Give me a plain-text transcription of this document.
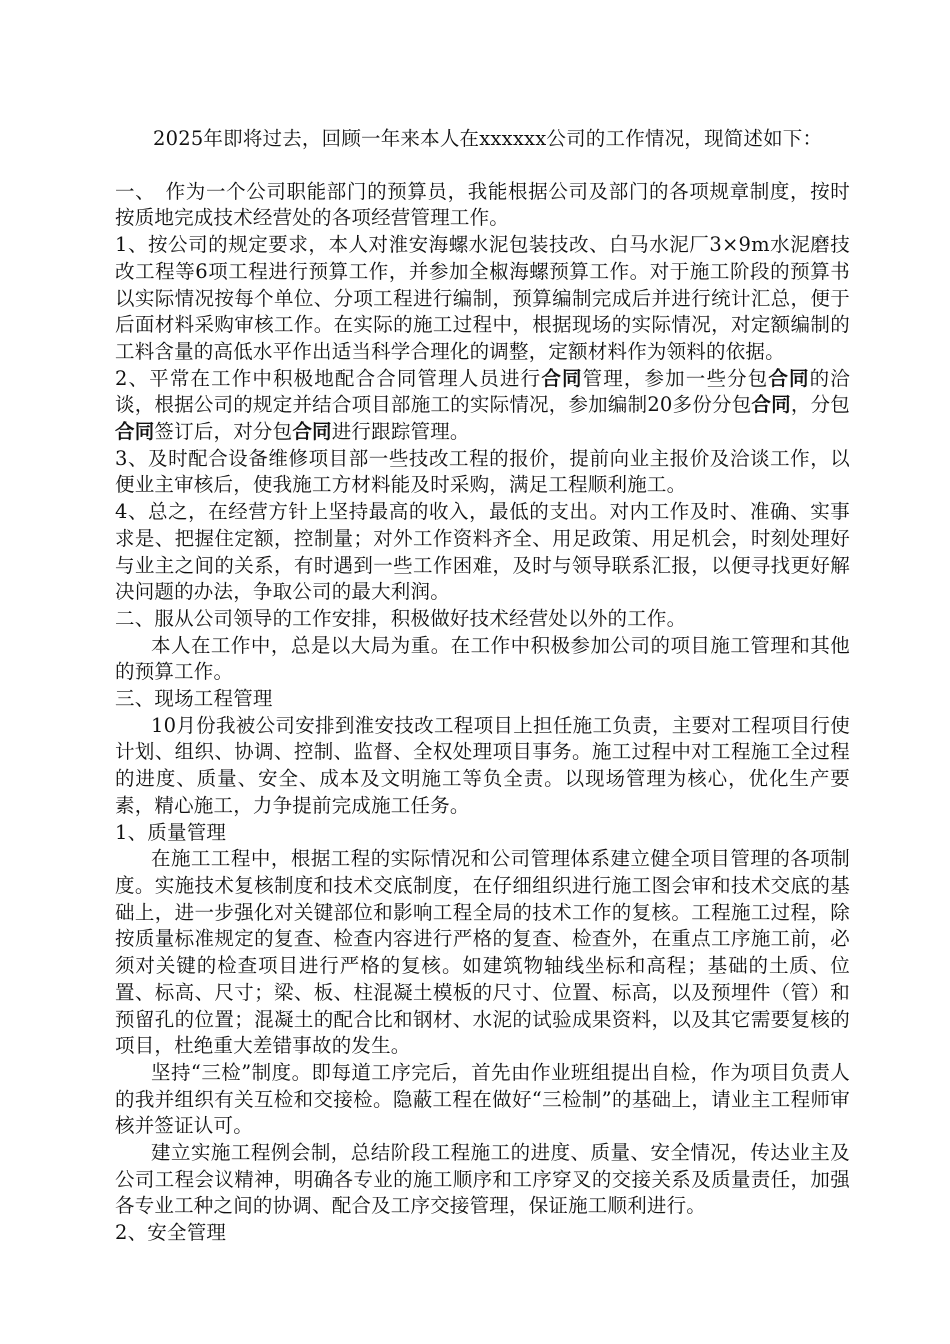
2025年即将过去，回顾一年来本人在xxxxxx公司的工作情况，现简述如下：

一、　作为一个公司职能部门的预算员，我能根据公司及部门的各项规章制度，按时按质地完成技术经营处的各项经营管理工作。

1、按公司的规定要求，本人对淮安海螺水泥包装技改、白马水泥厂3×9m水泥磨技改工程等6项工程进行预算工作，并参加全椒海螺预算工作。对于施工阶段的预算书以实际情况按每个单位、分项工程进行编制，预算编制完成后并进行统计汇总，便于后面材料采购审核工作。在实际的施工过程中，根据现场的实际情况，对定额编制的工料含量的高低水平作出适当科学合理化的调整，定额材料作为领料的依据。

2、平常在工作中积极地配合合同管理人员进行合同管理，参加一些分包合同的洽谈，根据公司的规定并结合项目部施工的实际情况，参加编制20多份分包合同，分包合同签订后，对分包合同进行跟踪管理。

3、及时配合设备维修项目部一些技改工程的报价，提前向业主报价及洽谈工作，以便业主审核后，使我施工方材料能及时采购，满足工程顺利施工。

4、总之，在经营方针上坚持最高的收入，最低的支出。对内工作及时、准确、实事求是、把握住定额，控制量；对外工作资料齐全、用足政策、用足机会，时刻处理好与业主之间的关系，有时遇到一些工作困难，及时与领导联系汇报，以便寻找更好解决问题的办法，争取公司的最大利润。

二、服从公司领导的工作安排，积极做好技术经营处以外的工作。

本人在工作中，总是以大局为重。在工作中积极参加公司的项目施工管理和其他的预算工作。

三、现场工程管理

10月份我被公司安排到淮安技改工程项目上担任施工负责，主要对工程项目行使计划、组织、协调、控制、监督、全权处理项目事务。施工过程中对工程施工全过程的进度、质量、安全、成本及文明施工等负全责。以现场管理为核心，优化生产要素，精心施工，力争提前完成施工任务。

1、质量管理

在施工工程中，根据工程的实际情况和公司管理体系建立健全项目管理的各项制度。实施技术复核制度和技术交底制度，在仔细组织进行施工图会审和技术交底的基础上，进一步强化对关键部位和影响工程全局的技术工作的复核。工程施工过程，除按质量标准规定的复查、检查内容进行严格的复查、检查外，在重点工序施工前，必须对关键的检查项目进行严格的复核。如建筑物轴线坐标和高程；基础的土质、位置、标高、尺寸；梁、板、柱混凝土模板的尺寸、位置、标高，以及预埋件（管）和预留孔的位置；混凝土的配合比和钢材、水泥的试验成果资料，以及其它需要复核的项目，杜绝重大差错事故的发生。

坚持“三检”制度。即每道工序完后，首先由作业班组提出自检，作为项目负责人的我并组织有关互检和交接检。隐蔽工程在做好“三检制”的基础上，请业主工程师审核并签证认可。

建立实施工程例会制，总结阶段工程施工的进度、质量、安全情况，传达业主及公司工程会议精神，明确各专业的施工顺序和工序穿叉的交接关系及质量责任，加强各专业工种之间的协调、配合及工序交接管理，保证施工顺利进行。

2、安全管理
